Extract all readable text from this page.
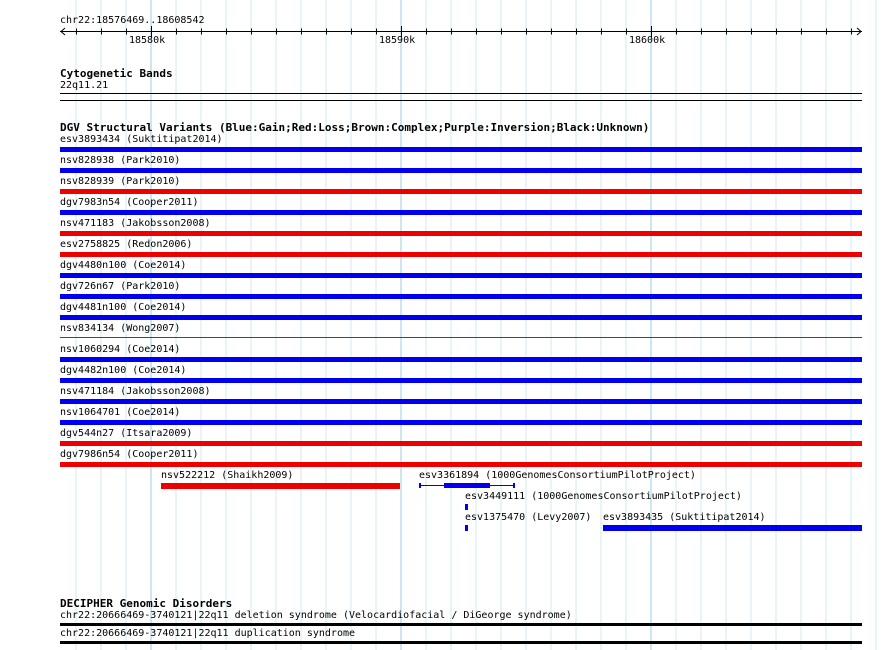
chr22:18576469..18608542
18580k	18590k	18600k
Cytogenetic Bands
22q11.21
DGV Structural Variants (Blue:Gain;Red:Loss;Brown:Complex;Purple:Inversion;Black:Unknown)
esv3893434 (Suktitipat2014)
nsv828938 (Park2010)
nsv828939 (Park2010)
dgv7983n54 (Cooper2011)
nsv471183 (Jakobsson2008)
esv2758825 (Redon2006)
dgv4480n100 (Coe2014)
dgv726n67 (Park2010)
dgv4481n100 (Coe2014)
nsv834134 (Wong2007)
nsv1060294 (Coe2014)
dgv4482n100 (Coe2014)
nsv471184 (Jakobsson2008)
nsv1064701 (Coe2014)
dgv544n27 (Itsara2009)
dgv7986n54 (Cooper2011)
nsv522212 (Shaikh2009)	esv3361894 (1000GenomesConsortiumPilotProject)
esv3449111 (1000GenomesConsortiumPilotProject)
esv1375470 (Levy2007) esv3893435 (Suktitipat2014)
DECIPHER Genomic Disorders
chr22:20666469-3740121|22q11 deletion syndrome (Velocardiofacial / DiGeorge syndrome)
chr22:20666469-3740121|22q11 duplication syndrome
